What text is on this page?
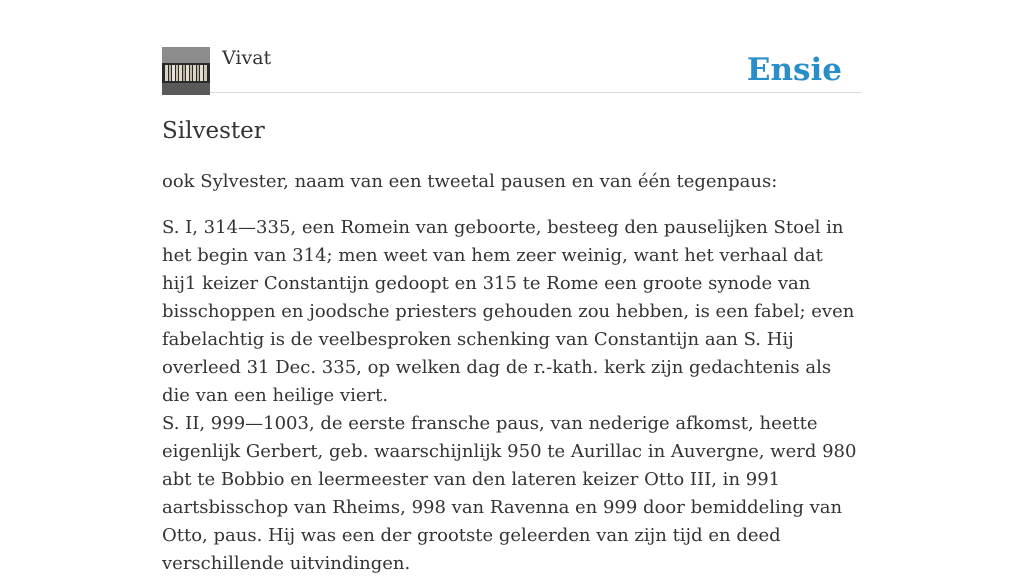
Vivat	Ensie
Silvester

ook Sylvester, naam van een tweetal pausen en van één tegenpaus:

S. I, 314—335, een Romein van geboorte, besteeg den pauselijken Stoel in het begin van 314; men weet van hem zeer weinig, want het verhaal dat hij1 keizer Constantijn gedoopt en 315 te Rome een groote synode van bisschoppen en joodsche priesters gehouden zou hebben, is een fabel; even fabelachtig is de veelbesproken schenking van Constantijn aan S. Hij overleed 31 Dec. 335, op welken dag de r.-kath. kerk zijn gedachtenis als die van een heilige viert.

S. II, 999—1003, de eerste fransche paus, van nederige afkomst, heette eigenlijk Gerbert, geb. waarschijnlijk 950 te Aurillac in Auvergne, werd 980 abt te Bobbio en leermeester van den lateren keizer Otto III, in 991 aartsbisschop van Rheims, 998 van Ravenna en 999 door bemiddeling van Otto, paus. Hij was een der grootste geleerden van zijn tijd en deed verschillende uitvindingen.
